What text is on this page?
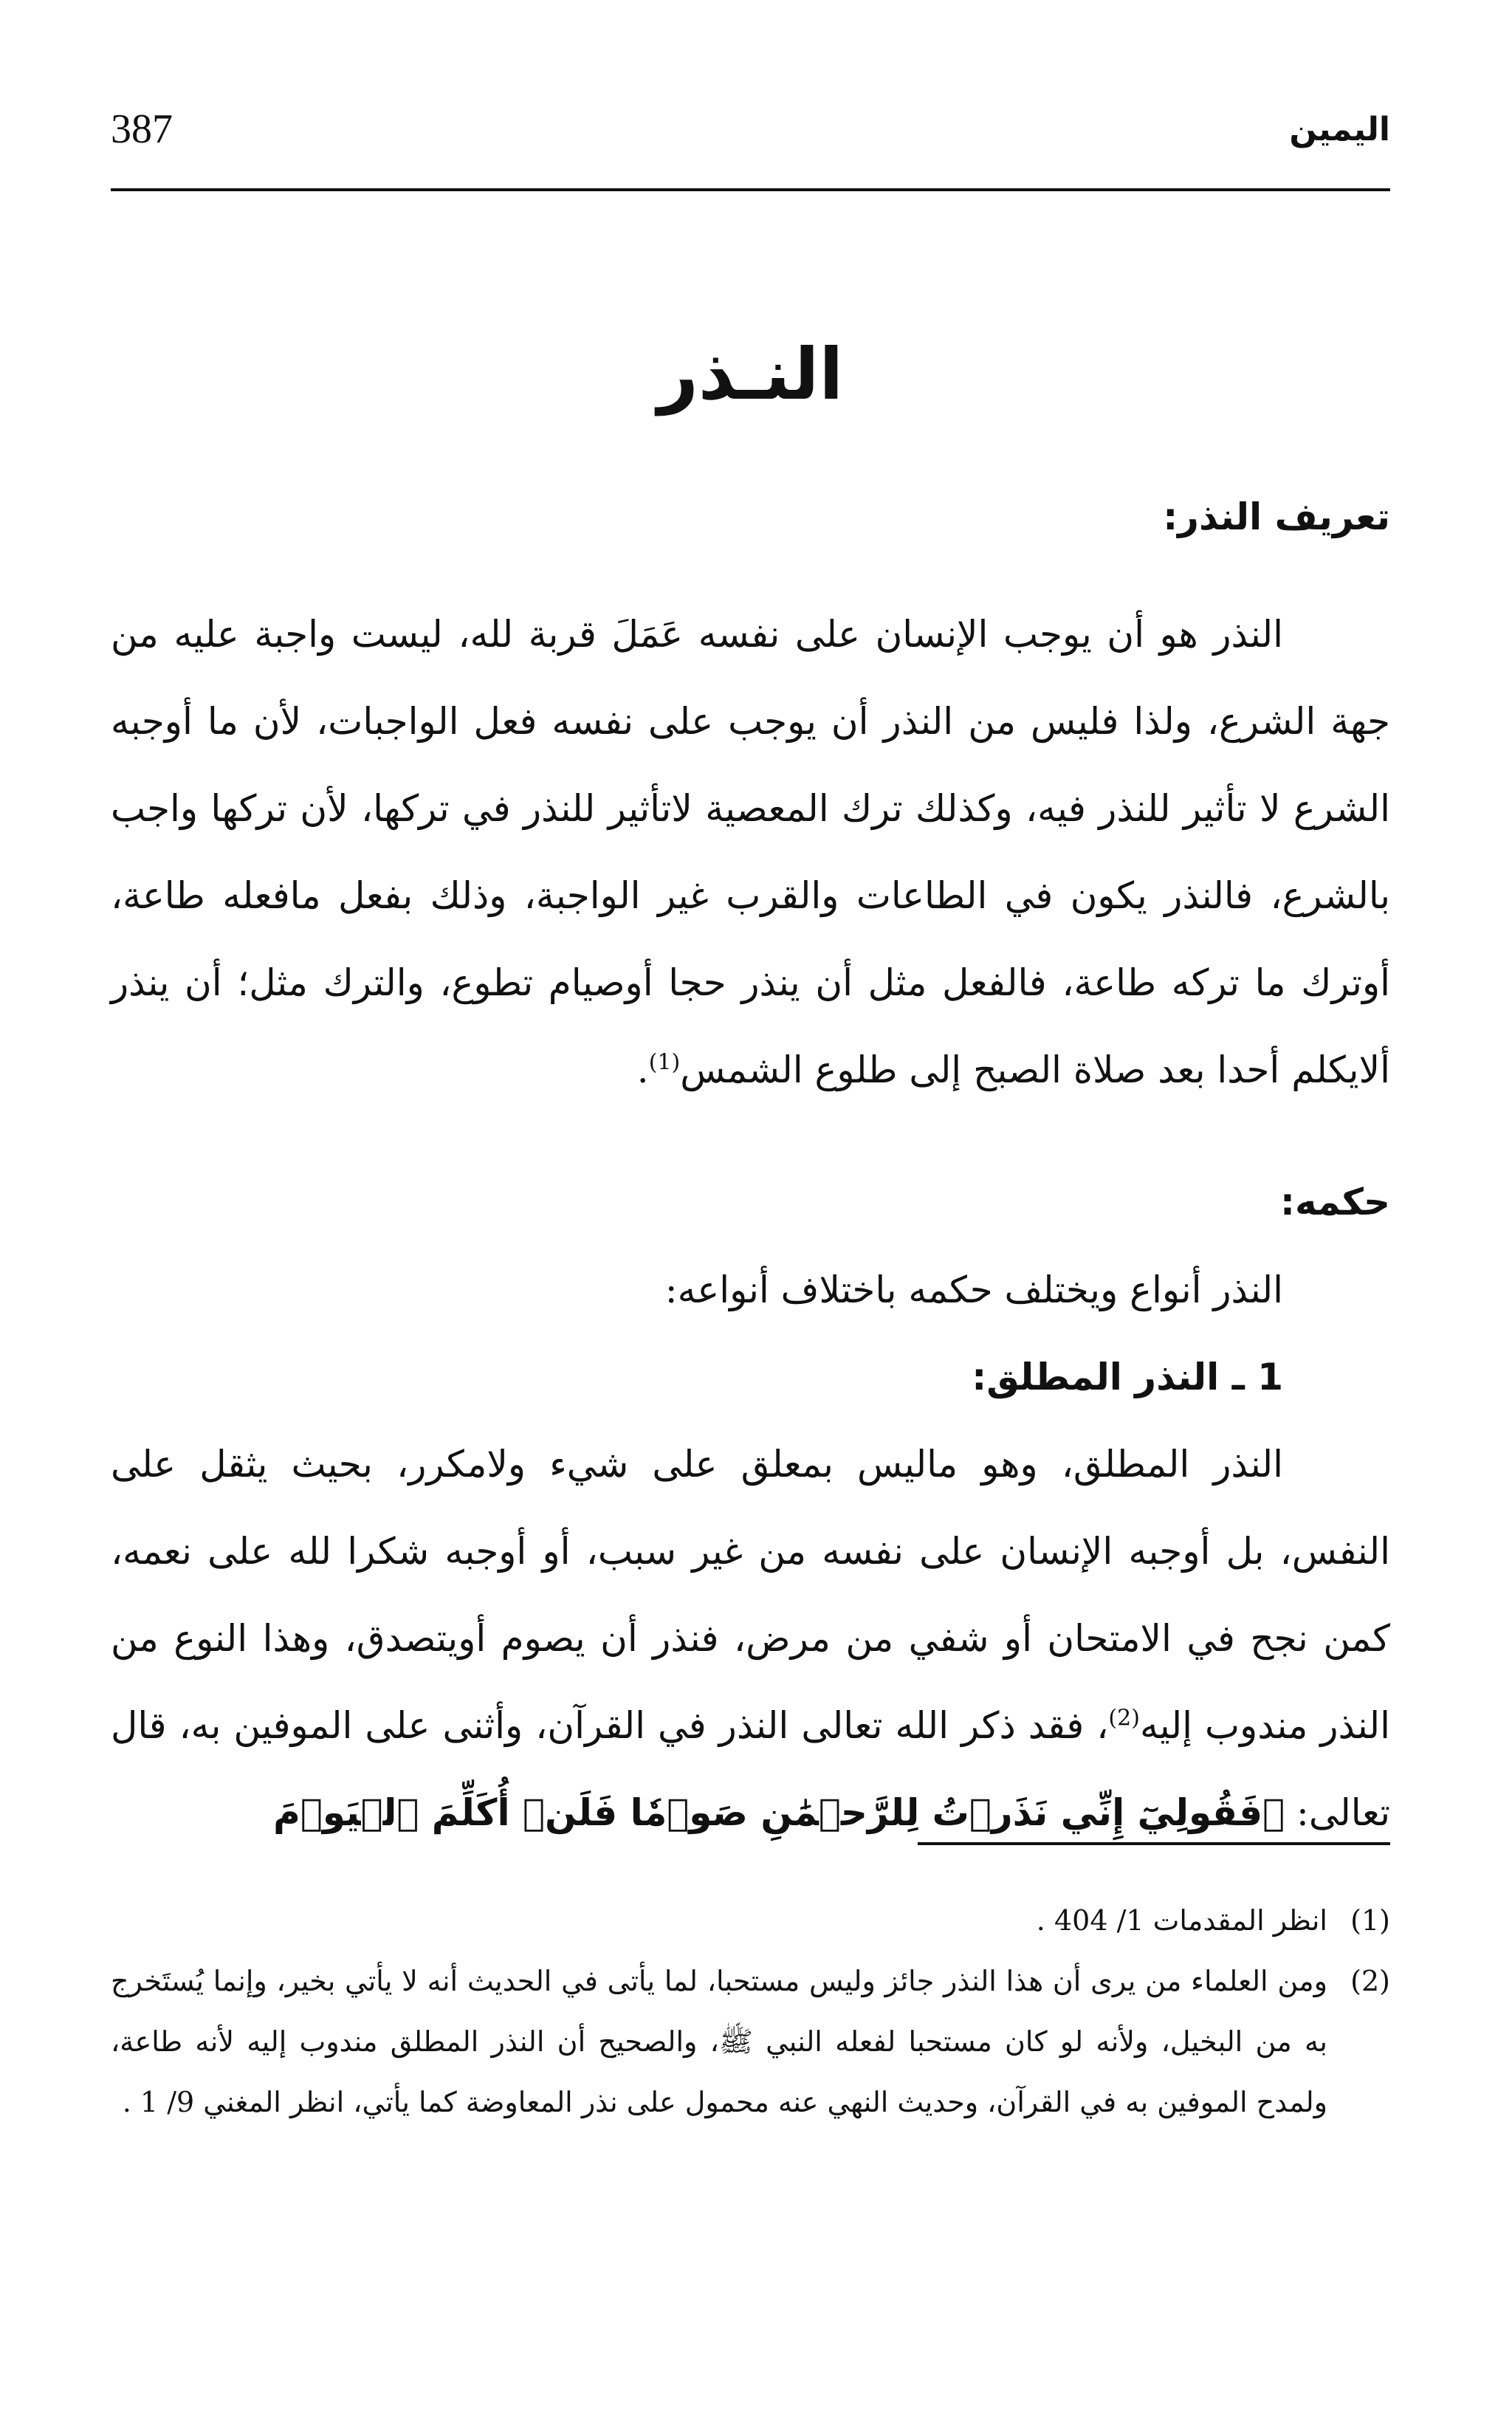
387	اليمين
النـذر

تعريف النذر:

النذر هو أن يوجب الإنسان على نفسه عَمَلَ قربة لله، ليست واجبة عليه من جهة الشرع، ولذا فليس من النذر أن يوجب على نفسه فعل الواجبات، لأن ما أوجبه الشرع لا تأثير للنذر فيه، وكذلك ترك المعصية لاتأثير للنذر في تركها، لأن تركها واجب بالشرع، فالنذر يكون في الطاعات والقرب غير الواجبة، وذلك بفعل مافعله طاعة، أوترك ما تركه طاعة، فالفعل مثل أن ينذر حجا أوصيام تطوع، والترك مثل؛ أن ينذر ألايكلم أحدا بعد صلاة الصبح إلى طلوع الشمس$^{(1)}$.

حكمه:

النذر أنواع ويختلف حكمه باختلاف أنواعه:

1 ـ النذر المطلق:

النذر المطلق، وهو ماليس بمعلق على شيء ولامكرر، بحيث يثقل على النفس، بل أوجبه الإنسان على نفسه من غير سبب، أو أوجبه شكرا لله على نعمه، كمن نجح في الامتحان أو شفي من مرض، فنذر أن يصوم أويتصدق، وهذا النوع من النذر مندوب إليه$^{(2)}$، فقد ذكر الله تعالى النذر في القرآن، وأثنى على الموفين به، قال تعالى: ﴿فَقُولِيٓ إِنِّي نَذَرۡتُ لِلرَّحۡمَٰنِ صَوۡمٗا فَلَنۡ أُكَلِّمَ ٱلۡيَوۡمَ

(1)
انظر المقدمات 1/ 404 .
(2)
ومن العلماء من يرى أن هذا النذر جائز وليس مستحبا، لما يأتى في الحديث أنه لا يأتي بخير، وإنما يُستَخرج به من البخيل، ولأنه لو كان مستحبا لفعله النبي ﷺ، والصحيح أن النذر المطلق مندوب إليه لأنه طاعة، ولمدح الموفين به في القرآن، وحديث النهي عنه محمول على نذر المعاوضة كما يأتي، انظر المغني 9/ 1 .
